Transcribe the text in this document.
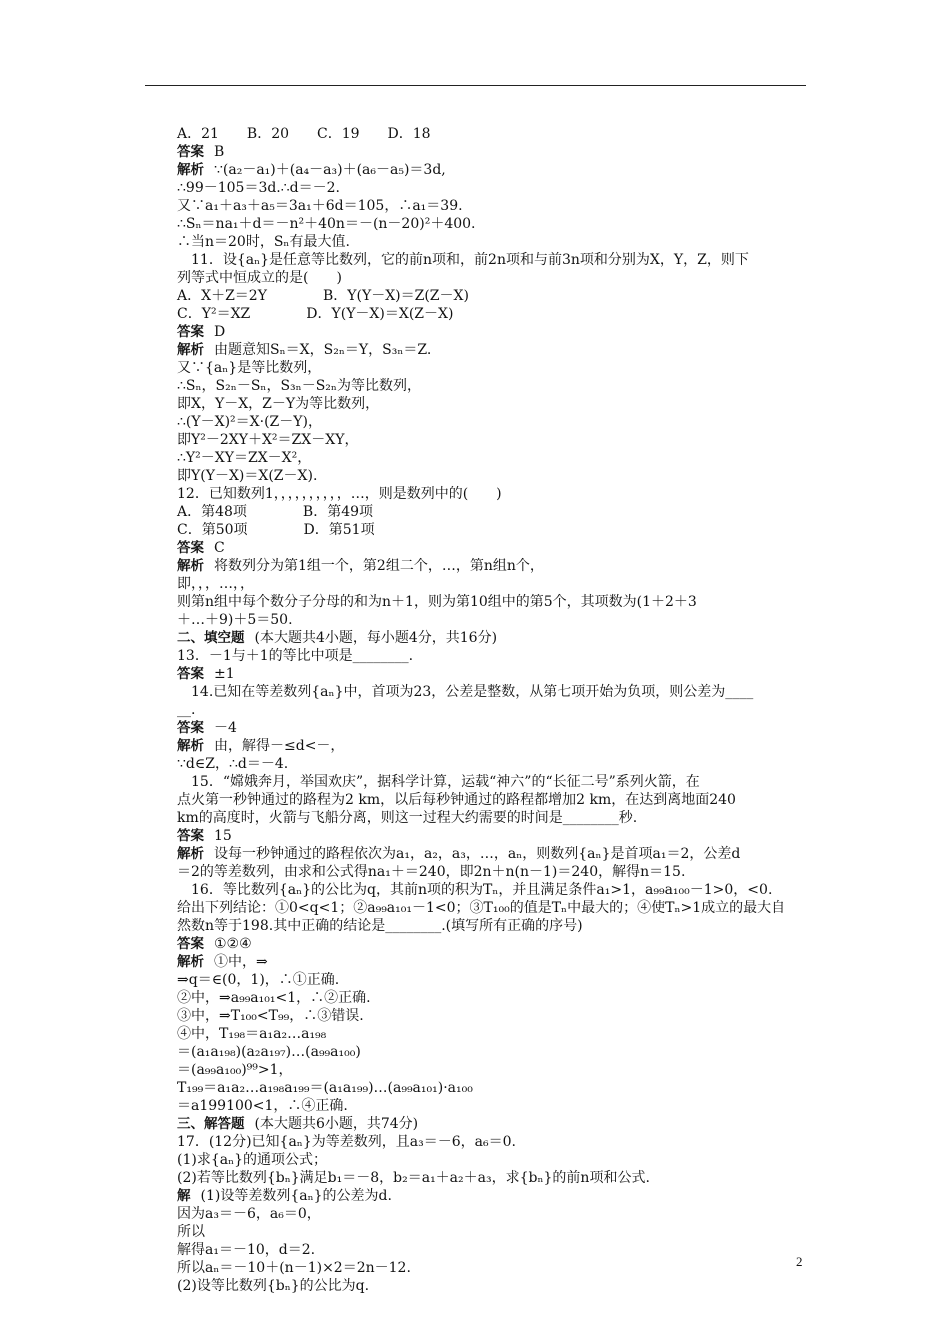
A．21　　B．20　　C．19　　D．18
答案 B
解析 ∵(a₂－a₁)＋(a₄－a₃)＋(a₆－a₅)＝3d,
∴99－105＝3d.∴d＝－2.
又∵a₁＋a₃＋a₅＝3a₁＋6d＝105，∴a₁＝39.
∴Sₙ＝na₁＋d＝－n²＋40n＝－(n－20)²＋400.
∴当n＝20时，Sₙ有最大值.
　11．设{aₙ}是任意等比数列，它的前n项和，前2n项和与前3n项和分别为X，Y，Z，则下
列等式中恒成立的是(　　)
A．X＋Z＝2Y　　　　B．Y(Y－X)＝Z(Z－X)
C．Y²＝XZ　　　　D．Y(Y－X)＝X(Z－X)
答案 D
解析 由题意知Sₙ＝X，S₂ₙ＝Y，S₃ₙ＝Z.
又∵{aₙ}是等比数列，
∴Sₙ，S₂ₙ－Sₙ，S₃ₙ－S₂ₙ为等比数列，
即X，Y－X，Z－Y为等比数列，
∴(Y－X)²＝X·(Z－Y)，
即Y²－2XY＋X²＝ZX－XY，
∴Y²－XY＝ZX－X²，
即Y(Y－X)＝X(Z－X).
12．已知数列1，，，，，，，，，，…，则是数列中的(　　)
A．第48项　　　　B．第49项
C．第50项　　　　D．第51项
答案 C
解析 将数列分为第1组一个，第2组二个，…，第n组n个，
即，，，…，，
则第n组中每个数分子分母的和为n＋1，则为第10组中的第5个，其项数为(1＋2＋3
＋…＋9)＋5＝50.
二、填空题 (本大题共4小题，每小题4分，共16分)
13．－1与＋1的等比中项是________.
答案 ±1
　14.已知在等差数列{aₙ}中，首项为23，公差是整数，从第七项开始为负项，则公差为____
__.
答案 －4
解析 由，解得－≤d<－，
∵d∈Z，∴d＝－4.
　15．“嫦娥奔月，举国欢庆”，据科学计算，运载“神六”的“长征二号”系列火箭，在
点火第一秒钟通过的路程为2 km，以后每秒钟通过的路程都增加2 km，在达到离地面240
km的高度时，火箭与飞船分离，则这一过程大约需要的时间是________秒.
答案 15
解析 设每一秒钟通过的路程依次为a₁，a₂，a₃，…，aₙ，则数列{aₙ}是首项a₁＝2，公差d
＝2的等差数列，由求和公式得na₁＋＝240，即2n＋n(n－1)＝240，解得n＝15.
　16．等比数列{aₙ}的公比为q，其前n项的积为Tₙ，并且满足条件a₁>1，a₉₉a₁₀₀－1>0，<0.
给出下列结论：①0<q<1；②a₉₉a₁₀₁－1<0；③T₁₀₀的值是Tₙ中最大的；④使Tₙ>1成立的最大自
然数n等于198.其中正确的结论是________.(填写所有正确的序号)
答案 ①②④
解析 ①中，⇒
⇒q＝∈(0，1)，∴①正确.
②中，⇒a₉₉a₁₀₁<1，∴②正确.
③中，⇒T₁₀₀<T₉₉，∴③错误.
④中，T₁₉₈＝a₁a₂…a₁₉₈
＝(a₁a₁₉₈)(a₂a₁₉₇)…(a₉₉a₁₀₀)
＝(a₉₉a₁₀₀)⁹⁹>1，
T₁₉₉＝a₁a₂…a₁₉₈a₁₉₉＝(a₁a₁₉₉)…(a₉₉a₁₀₁)·a₁₀₀
＝a199100<1，∴④正确.
三、解答题 (本大题共6小题，共74分)
17．(12分)已知{aₙ}为等差数列，且a₃＝－6，a₆＝0.
(1)求{aₙ}的通项公式；
(2)若等比数列{bₙ}满足b₁＝－8，b₂＝a₁＋a₂＋a₃，求{bₙ}的前n项和公式.
解 (1)设等差数列{aₙ}的公差为d.
因为a₃＝－6，a₆＝0，
所以
解得a₁＝－10，d＝2.
所以aₙ＝－10＋(n－1)×2＝2n－12.
(2)设等比数列{bₙ}的公比为q.
2
